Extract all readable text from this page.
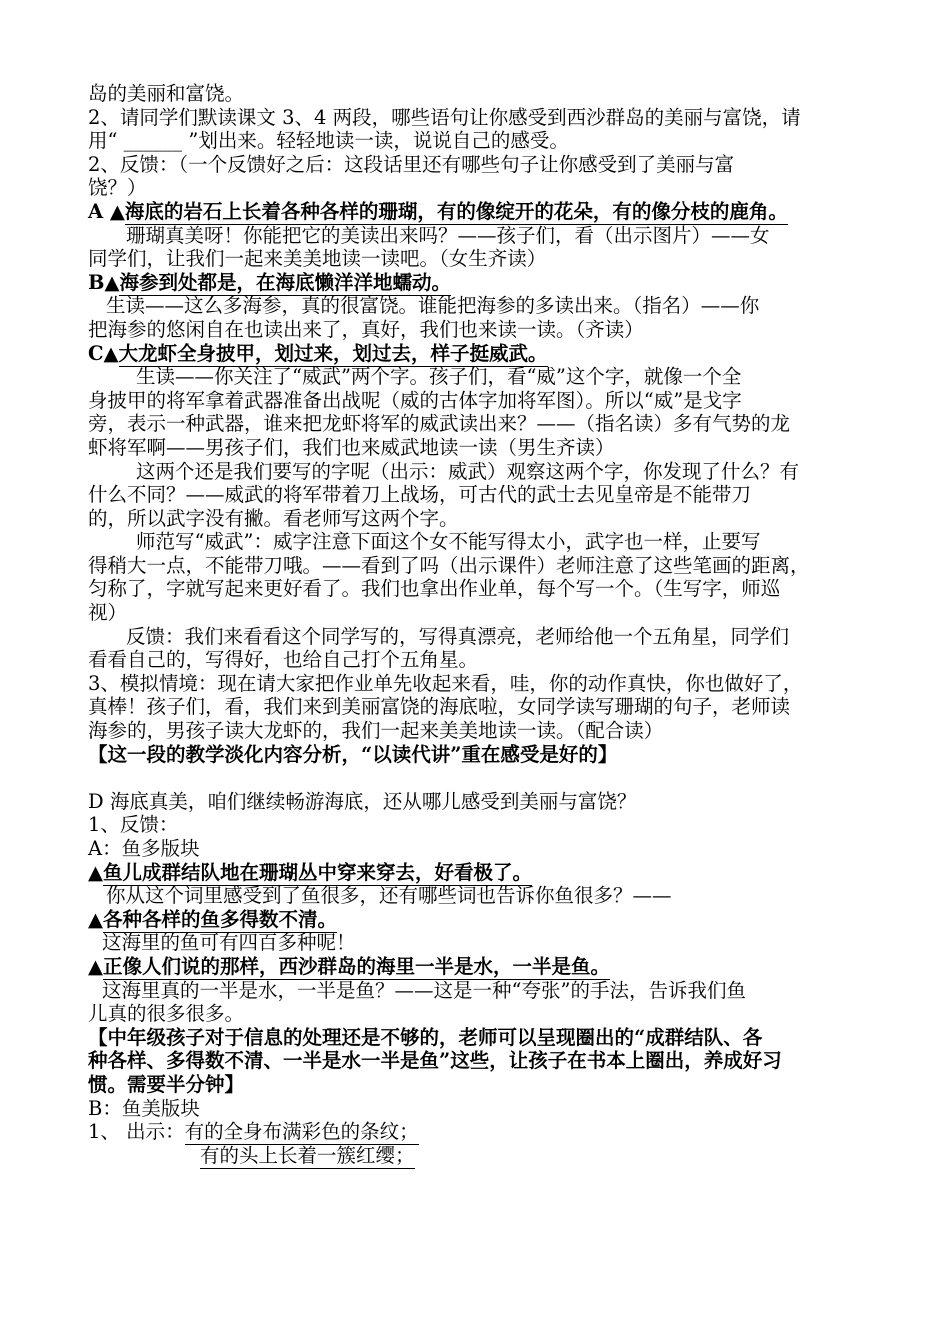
岛的美丽和富饶。
2、请同学们默读课文 3、4 两段，哪些语句让你感受到西沙群岛的美丽与富饶，请
用“ ______ ”划出来。轻轻地读一读，说说自己的感受。
2、反馈：（一个反馈好之后：这段话里还有哪些句子让你感受到了美丽与富
饶？）
A ▲海底的岩石上长着各种各样的珊瑚，有的像绽开的花朵，有的像分枝的鹿角。
珊瑚真美呀！你能把它的美读出来吗？——孩子们，看（出示图片）——女
同学们，让我们一起来美美地读一读吧。（女生齐读）
B▲海参到处都是，在海底懒洋洋地蠕动。
生读——这么多海参，真的很富饶。谁能把海参的多读出来。（指名）——你
把海参的悠闲自在也读出来了，真好，我们也来读一读。（齐读）
C▲大龙虾全身披甲，划过来，划过去，样子挺威武。
生读——你关注了“威武”两个字。孩子们，看“威”这个字，就像一个全
身披甲的将军拿着武器准备出战呢（威的古体字加将军图）。所以“威”是戈字
旁，表示一种武器，谁来把龙虾将军的威武读出来？——（指名读）多有气势的龙
虾将军啊——男孩子们，我们也来威武地读一读（男生齐读）
这两个还是我们要写的字呢（出示：威武）观察这两个字，你发现了什么？有
什么不同？——威武的将军带着刀上战场，可古代的武士去见皇帝是不能带刀
的，所以武字没有撇。看老师写这两个字。
师范写“威武”：威字注意下面这个女不能写得太小，武字也一样，止要写
得稍大一点，不能带刀哦。——看到了吗（出示课件）老师注意了这些笔画的距离，
匀称了，字就写起来更好看了。我们也拿出作业单，每个写一个。（生写字，师巡
视）
反馈：我们来看看这个同学写的，写得真漂亮，老师给他一个五角星，同学们
看看自己的，写得好，也给自己打个五角星。
3、模拟情境：现在请大家把作业单先收起来看，哇，你的动作真快，你也做好了，
真棒！孩子们，看，我们来到美丽富饶的海底啦，女同学读写珊瑚的句子，老师读
海参的，男孩子读大龙虾的，我们一起来美美地读一读。（配合读）
【这一段的教学淡化内容分析，“以读代讲”重在感受是好的】
D 海底真美，咱们继续畅游海底，还从哪儿感受到美丽与富饶？
1、反馈：
A：鱼多版块
▲鱼儿成群结队地在珊瑚丛中穿来穿去，好看极了。
你从这个词里感受到了鱼很多，还有哪些词也告诉你鱼很多？——
▲各种各样的鱼多得数不清。
这海里的鱼可有四百多种呢！
▲正像人们说的那样，西沙群岛的海里一半是水，一半是鱼。
这海里真的一半是水，一半是鱼？——这是一种“夸张”的手法，告诉我们鱼
儿真的很多很多。
【中年级孩子对于信息的处理还是不够的，老师可以呈现圈出的“成群结队、各
种各样、多得数不清、一半是水一半是鱼”这些，让孩子在书本上圈出，养成好习
惯。需要半分钟】
B：鱼美版块
1、 出示：有的全身布满彩色的条纹；
有的头上长着一簇红缨；
